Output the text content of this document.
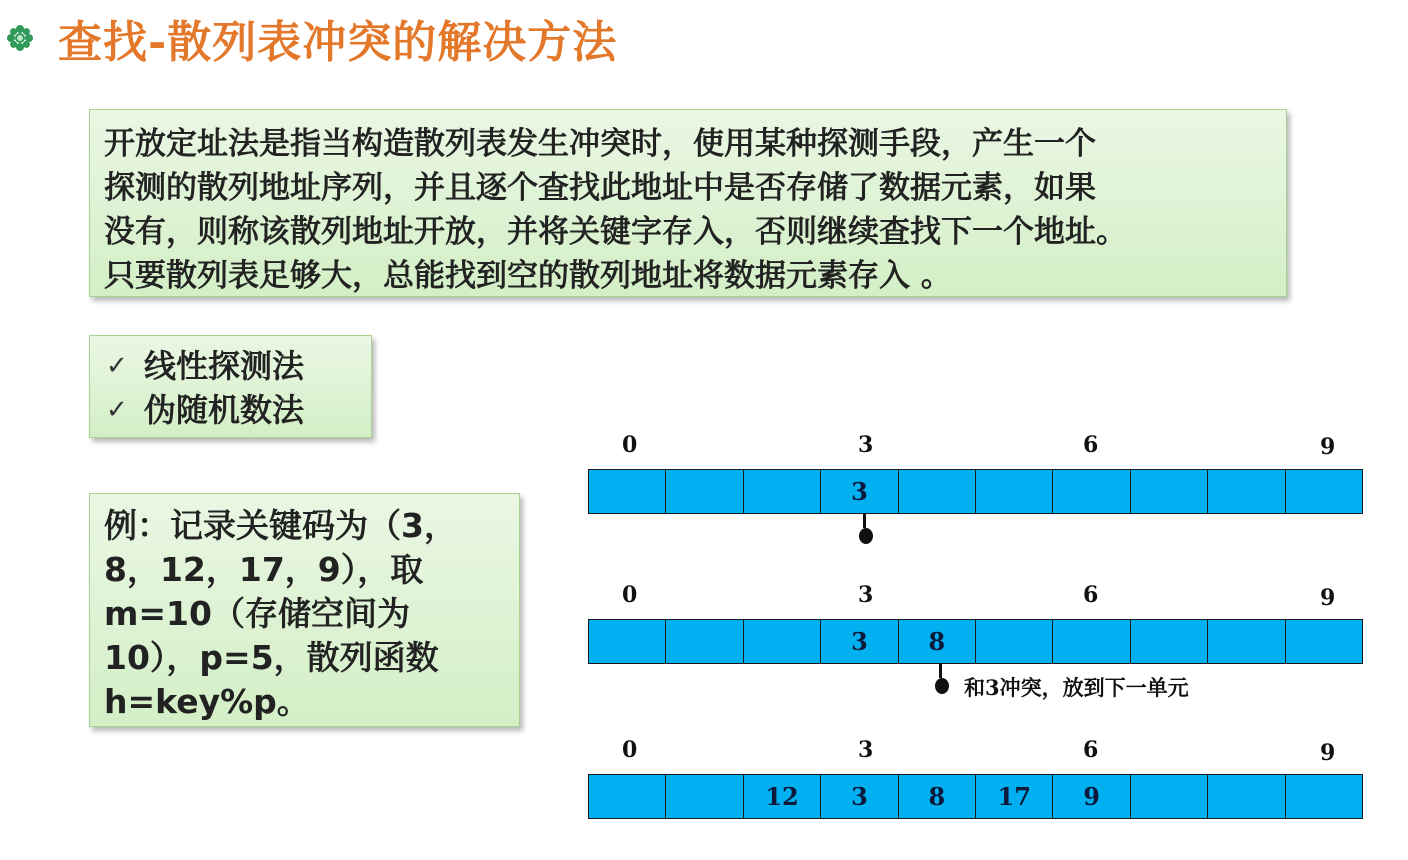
查找-散列表冲突的解决方法
开放定址法是指当构造散列表发生冲突时，使用某种探测手段，产生一个
探测的散列地址序列，并且逐个查找此地址中是否存储了数据元素，如果
没有，则称该散列地址开放，并将关键字存入，否则继续查找下一个地址。
只要散列表足够大，总能找到空的散列地址将数据元素存入 。
✓ 线性探测法
✓ 伪随机数法
例：记录关键码为（3，
8，12，17，9），取
m=10（存储空间为
10），p=5，散列函数
h=key%p。
0	3	6	9
3
0	3	6	9
3	8
和3冲突，放到下一单元
0	3	6	9
12	3	8	17	9
